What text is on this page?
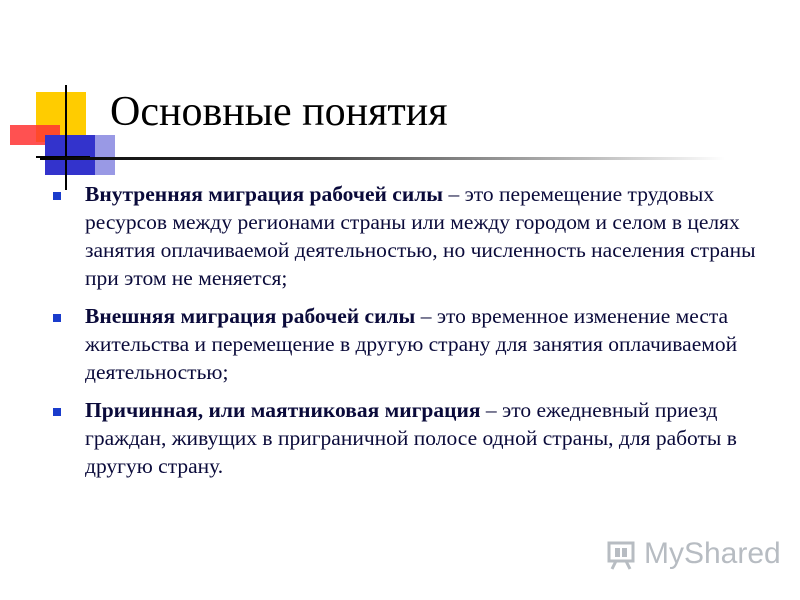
Основные понятия
Внутренняя миграция рабочей силы – это перемещение трудовых ресурсов между регионами страны или между городом и селом в целях занятия оплачиваемой деятельностью, но численность населения страны при этом не меняется;
Внешняя миграция рабочей силы – это временное изменение места жительства и перемещение в другую страну для занятия оплачиваемой деятельностью;
Причинная, или маятниковая миграция – это ежедневный приезд граждан, живущих в приграничной полосе одной страны, для работы в другую страну.
MyShared
